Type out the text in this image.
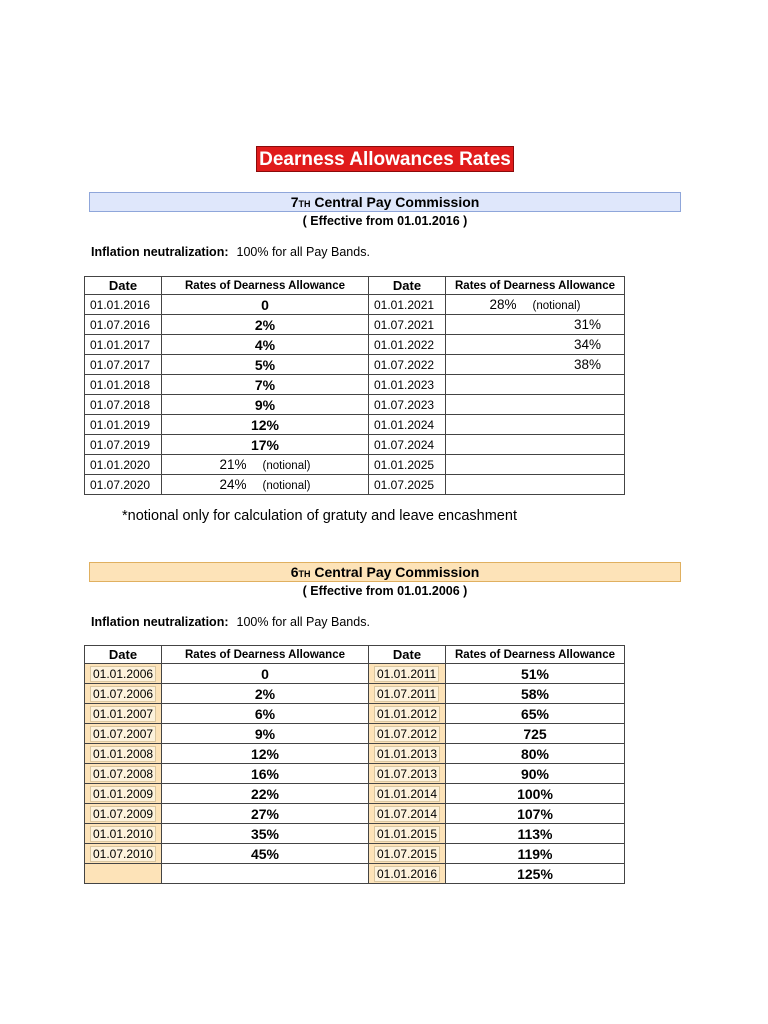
Dearness Allowances Rates
7TH Central Pay Commission
( Effective from 01.01.2016 )
Inflation neutralization: 100% for all Pay Bands.
Date	Rates of Dearness Allowance	Date	Rates of Dearness Allowance
01.01.2016	0	01.01.2021	28% (notional)
01.07.2016	2%	01.07.2021	31%
01.01.2017	4%	01.01.2022	34%
01.07.2017	5%	01.07.2022	38%
01.01.2018	7%	01.01.2023	
01.07.2018	9%	01.07.2023	
01.01.2019	12%	01.01.2024	
01.07.2019	17%	01.07.2024	
01.01.2020	21% (notional)	01.01.2025	
01.07.2020	24% (notional)	01.07.2025	
*notional only for calculation of gratuty and leave encashment
6TH Central Pay Commission
( Effective from 01.01.2006 )
Inflation neutralization: 100% for all Pay Bands.
Date	Rates of Dearness Allowance	Date	Rates of Dearness Allowance
01.01.2006	0	01.01.2011	51%
01.07.2006	2%	01.07.2011	58%
01.01.2007	6%	01.01.2012	65%
01.07.2007	9%	01.07.2012	725
01.01.2008	12%	01.01.2013	80%
01.07.2008	16%	01.07.2013	90%
01.01.2009	22%	01.01.2014	100%
01.07.2009	27%	01.07.2014	107%
01.01.2010	35%	01.01.2015	113%
01.07.2010	45%	01.07.2015	119%
		01.01.2016	125%
